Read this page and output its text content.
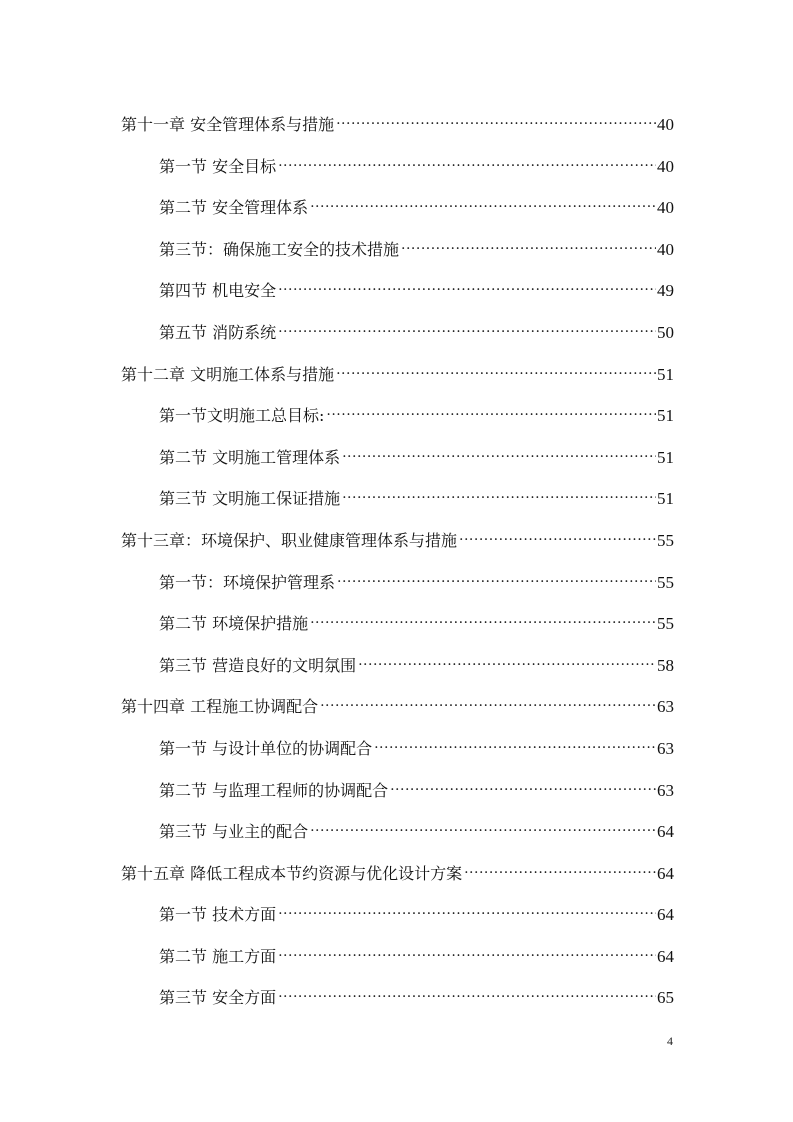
第十一章 安全管理体系与措施 .....	40
第一节 安全目标 .....	40
第二节 安全管理体系 .....	40
第三节：确保施工安全的技术措施 .....	40
第四节 机电安全 .....	49
第五节 消防系统 .....	50
第十二章 文明施工体系与措施 .....	51
第一节文明施工总目标: .....	51
第二节 文明施工管理体系 .....	51
第三节 文明施工保证措施 .....	51
第十三章：环境保护、职业健康管理体系与措施 .....	55
第一节：环境保护管理系 .....	55
第二节 环境保护措施 .....	55
第三节 营造良好的文明氛围 .....	58
第十四章 工程施工协调配合 .....	63
第一节 与设计单位的协调配合 .....	63
第二节 与监理工程师的协调配合 .....	63
第三节 与业主的配合 .....	64
第十五章 降低工程成本节约资源与优化设计方案 .....	64
第一节 技术方面 .....	64
第二节 施工方面 .....	64
第三节 安全方面 .....	65
4
